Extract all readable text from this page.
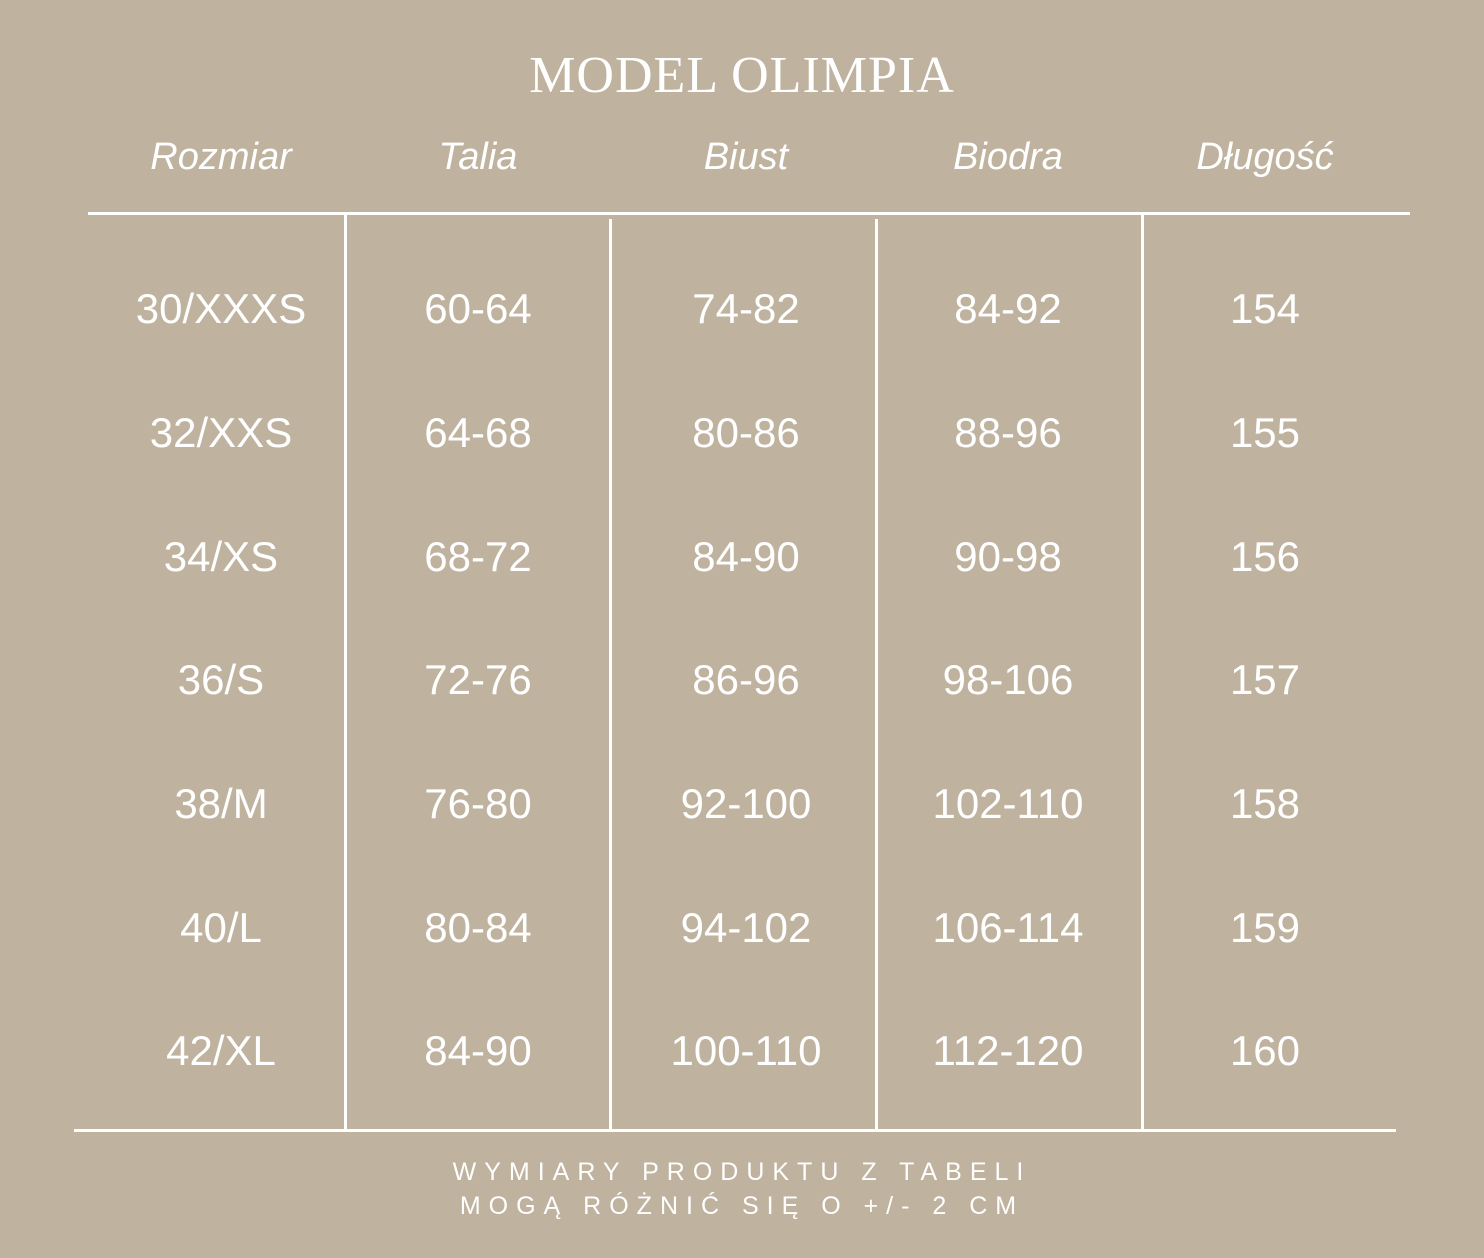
MODEL OLIMPIA
Rozmiar	Talia	Biust	Biodra	Długość
30/XXXS	60-64	74-82	84-92	154
32/XXS	64-68	80-86	88-96	155
34/XS	68-72	84-90	90-98	156
36/S	72-76	86-96	98-106	157
38/M	76-80	92-100	102-110	158
40/L	80-84	94-102	106-114	159
42/XL	84-90	100-110	112-120	160
WYMIARY PRODUKTU Z TABELI
MOGĄ RÓŻNIĆ SIĘ O +/- 2 CM
